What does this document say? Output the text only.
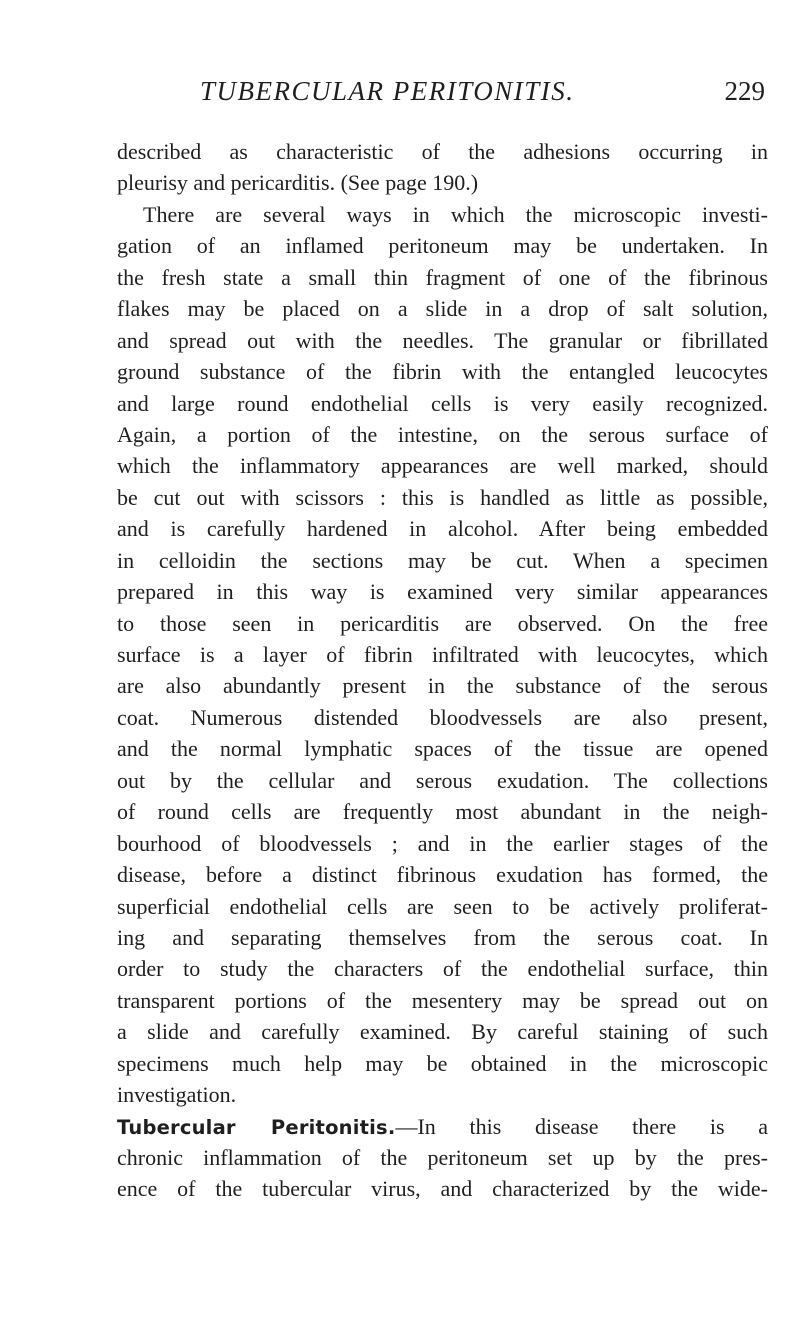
TUBERCULAR PERITONITIS.	229
described as characteristic of the adhesions occurring in
pleurisy and pericarditis. (See page 190.)
There are several ways in which the microscopic investi-
gation of an inflamed peritoneum may be undertaken. In
the fresh state a small thin fragment of one of the fibrinous
flakes may be placed on a slide in a drop of salt solution,
and spread out with the needles. The granular or fibrillated
ground substance of the fibrin with the entangled leucocytes
and large round endothelial cells is very easily recognized.
Again, a portion of the intestine, on the serous surface of
which the inflammatory appearances are well marked, should
be cut out with scissors : this is handled as little as possible,
and is carefully hardened in alcohol. After being embedded
in celloidin the sections may be cut. When a specimen
prepared in this way is examined very similar appearances
to those seen in pericarditis are observed. On the free
surface is a layer of fibrin infiltrated with leucocytes, which
are also abundantly present in the substance of the serous
coat. Numerous distended bloodvessels are also present,
and the normal lymphatic spaces of the tissue are opened
out by the cellular and serous exudation. The collections
of round cells are frequently most abundant in the neigh-
bourhood of bloodvessels ; and in the earlier stages of the
disease, before a distinct fibrinous exudation has formed, the
superficial endothelial cells are seen to be actively proliferat-
ing and separating themselves from the serous coat. In
order to study the characters of the endothelial surface, thin
transparent portions of the mesentery may be spread out on
a slide and carefully examined. By careful staining of such
specimens much help may be obtained in the microscopic
investigation.
Tubercular Peritonitis.—In this disease there is a
chronic inflammation of the peritoneum set up by the pres-
ence of the tubercular virus, and characterized by the wide-
